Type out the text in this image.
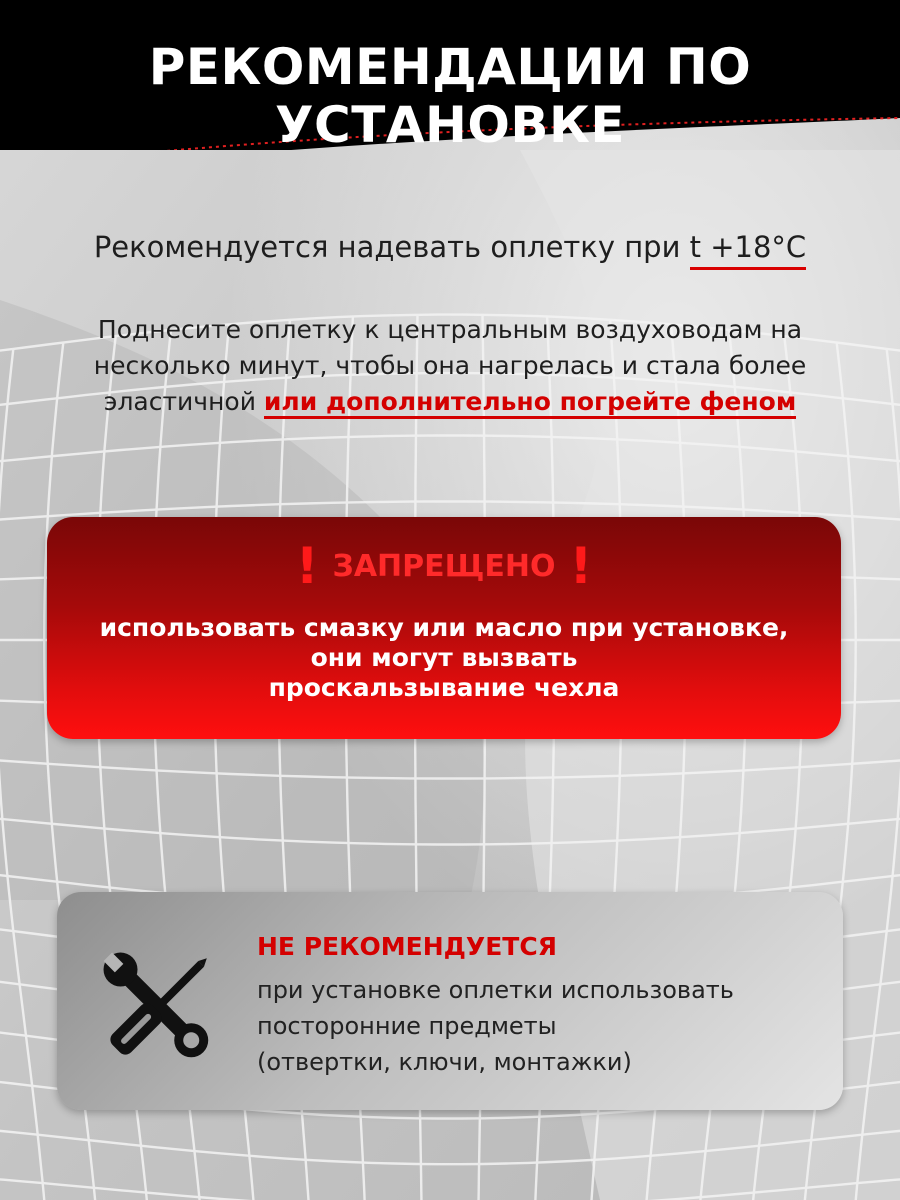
РЕКОМЕНДАЦИИ ПО УСТАНОВКЕ
Рекомендуется надевать оплетку при t +18°C
Поднесите оплетку к центральным воздуховодам на
несколько минут, чтобы она нагрелась и стала более
эластичной или дополнительно погрейте феном
! ЗАПРЕЩЕНО !
использовать смазку или масло при установке,
они могут вызвать
проскальзывание чехла
НЕ РЕКОМЕНДУЕТСЯ
при установке оплетки использовать
посторонние предметы
(отвертки, ключи, монтажки)
